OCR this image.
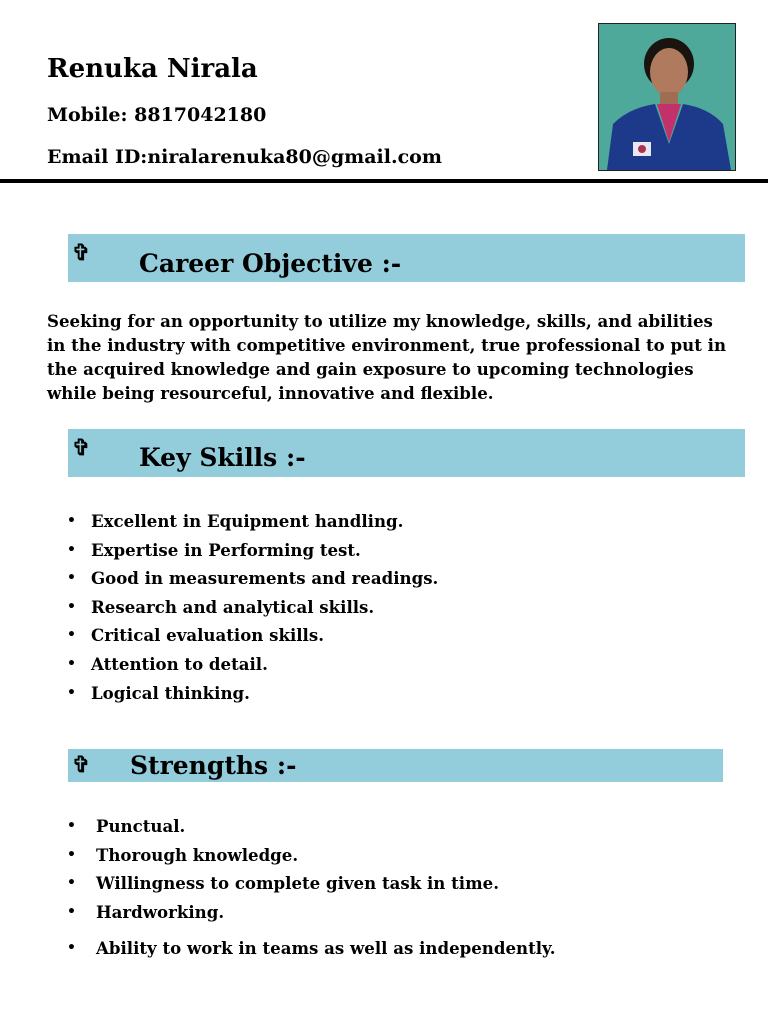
Renuka Nirala

Mobile: 8817042180

Email ID:niralarenuka80@gmail.com

✞ Career Objective :-

Seeking for an opportunity to utilize my knowledge, skills, and abilities in the industry with competitive environment, true professional to put in the acquired knowledge and gain exposure to upcoming technologies while being resourceful, innovative and flexible.

✞ Key Skills :-
• Excellent in Equipment handling.
• Expertise in Performing test.
• Good in measurements and readings.
• Research and analytical skills.
• Critical evaluation skills.
• Attention to detail.
• Logical thinking.
✞ Strengths :-
• Punctual.
• Thorough knowledge.
• Willingness to complete given task in time.
• Hardworking.
• Ability to work in teams as well as independently.
